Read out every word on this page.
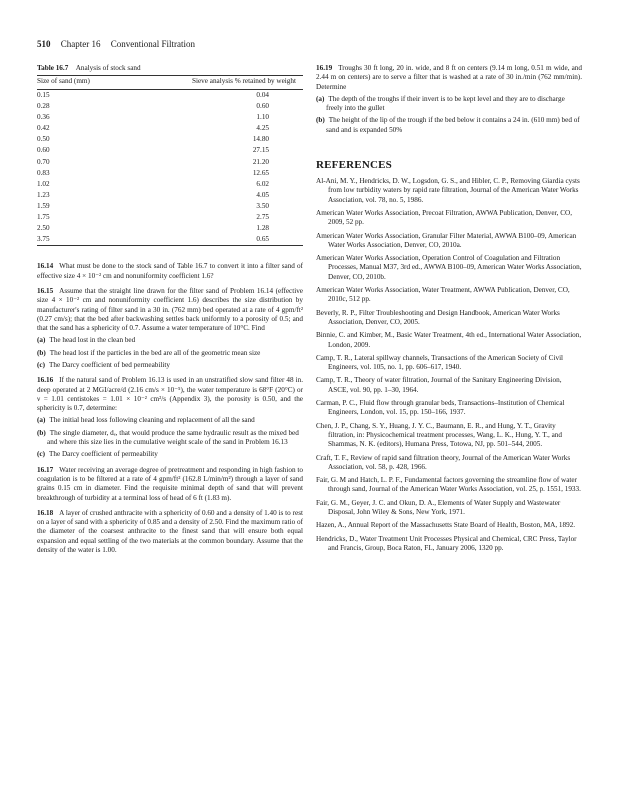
510 Chapter 16 Conventional Filtration
Table 16.7 Analysis of stock sand
Size of sand (mm)	Sieve analysis % retained by weight
0.15	0.04
0.28	0.60
0.36	1.10
0.42	4.25
0.50	14.80
0.60	27.15
0.70	21.20
0.83	12.65
1.02	6.02
1.23	4.05
1.59	3.50
1.75	2.75
2.50	1.28
3.75	0.65

16.14 What must be done to the stock sand of Table 16.7 to convert it into a filter sand of effective size 4 × 10⁻² cm and nonuniformity coefficient 1.6?

16.15 Assume that the straight line drawn for the filter sand of Problem 16.14 (effective size 4 × 10⁻² cm and nonuniformity coefficient 1.6) describes the size distribution by manufacturer's rating of filter sand in a 30 in. (762 mm) bed operated at a rate of 4 gpm/ft² (0.27 cm/s); that the bed after backwashing settles back uniformly to a porosity of 0.5; and that the sand has a sphericity of 0.7. Assume a water temperature of 10°C. Find

(a) The head lost in the clean bed

(b) The head lost if the particles in the bed are all of the geometric mean size

(c) The Darcy coefficient of bed permeability

16.16 If the natural sand of Problem 16.13 is used in an unstratified slow sand filter 48 in. deep operated at 2 MGI/acre/d (2.16 cm/s × 10⁻⁵), the water temperature is 68°F (20°C) or ν = 1.01 centistokes = 1.01 × 10⁻² cm²/s (Appendix 3), the porosity is 0.50, and the sphericity is 0.7, determine:

(a) The initial head loss following cleaning and replacement of all the sand

(b) The single diameter, dₑ, that would produce the same hydraulic result as the mixed bed and where this size lies in the cumulative weight scale of the sand in Problem 16.13

(c) The Darcy coefficient of permeability

16.17 Water receiving an average degree of pretreatment and responding in high fashion to coagulation is to be filtered at a rate of 4 gpm/ft² (162.8 L/min/m²) through a layer of sand grains 0.15 cm in diameter. Find the requisite minimal depth of sand that will prevent breakthrough of turbidity at a terminal loss of head of 6 ft (1.83 m).

16.18 A layer of crushed anthracite with a sphericity of 0.60 and a density of 1.40 is to rest on a layer of sand with a sphericity of 0.85 and a density of 2.50. Find the maximum ratio of the diameter of the coarsest anthracite to the finest sand that will ensure both equal expansion and equal settling of the two materials at the common boundary. Assume that the density of the water is 1.00.

16.19 Troughs 30 ft long, 20 in. wide, and 8 ft on centers (9.14 m long, 0.51 m wide, and 2.44 m on centers) are to serve a filter that is washed at a rate of 30 in./min (762 mm/min). Determine

(a) The depth of the troughs if their invert is to be kept level and they are to discharge freely into the gullet

(b) The height of the lip of the trough if the bed below it contains a 24 in. (610 mm) bed of sand and is expanded 50%

REFERENCES

Al-Ani, M. Y., Hendricks, D. W., Logsdon, G. S., and Hibler, C. P., Removing Giardia cysts from low turbidity waters by rapid rate filtration, Journal of the American Water Works Association, vol. 78, no. 5, 1986.

American Water Works Association, Precoat Filtration, AWWA Publication, Denver, CO, 2009, 52 pp.

American Water Works Association, Granular Filter Material, AWWA B100–09, American Water Works Association, Denver, CO, 2010a.

American Water Works Association, Operation Control of Coagulation and Filtration Processes, Manual M37, 3rd ed., AWWA B100–09, American Water Works Association, Denver, CO, 2010b.

American Water Works Association, Water Treatment, AWWA Publication, Denver, CO, 2010c, 512 pp.

Beverly, R. P., Filter Troubleshooting and Design Handbook, American Water Works Association, Denver, CO, 2005.

Binnie, C. and Kimber, M., Basic Water Treatment, 4th ed., International Water Association, London, 2009.

Camp, T. R., Lateral spillway channels, Transactions of the American Society of Civil Engineers, vol. 105, no. 1, pp. 606–617, 1940.

Camp, T. R., Theory of water filtration, Journal of the Sanitary Engineering Division, ASCE, vol. 90, pp. 1–30, 1964.

Carman, P. C., Fluid flow through granular beds, Transactions–Institution of Chemical Engineers, London, vol. 15, pp. 150–166, 1937.

Chen, J. P., Chang, S. Y., Huang, J. Y. C., Baumann, E. R., and Hung, Y. T., Gravity filtration, in: Physicochemical treatment processes, Wang, L. K., Hung, Y. T., and Shammas, N. K. (editors), Humana Press, Totowa, NJ, pp. 501–544, 2005.

Craft, T. F., Review of rapid sand filtration theory, Journal of the American Water Works Association, vol. 58, p. 428, 1966.

Fair, G. M and Hatch, L. P. F., Fundamental factors governing the streamline flow of water through sand, Journal of the American Water Works Association, vol. 25, p. 1551, 1933.

Fair, G. M., Geyer, J. C. and Okun, D. A., Elements of Water Supply and Wastewater Disposal, John Wiley & Sons, New York, 1971.

Hazen, A., Annual Report of the Massachusetts State Board of Health, Boston, MA, 1892.

Hendricks, D., Water Treatment Unit Processes Physical and Chemical, CRC Press, Taylor and Francis, Group, Boca Raton, FL, January 2006, 1320 pp.
